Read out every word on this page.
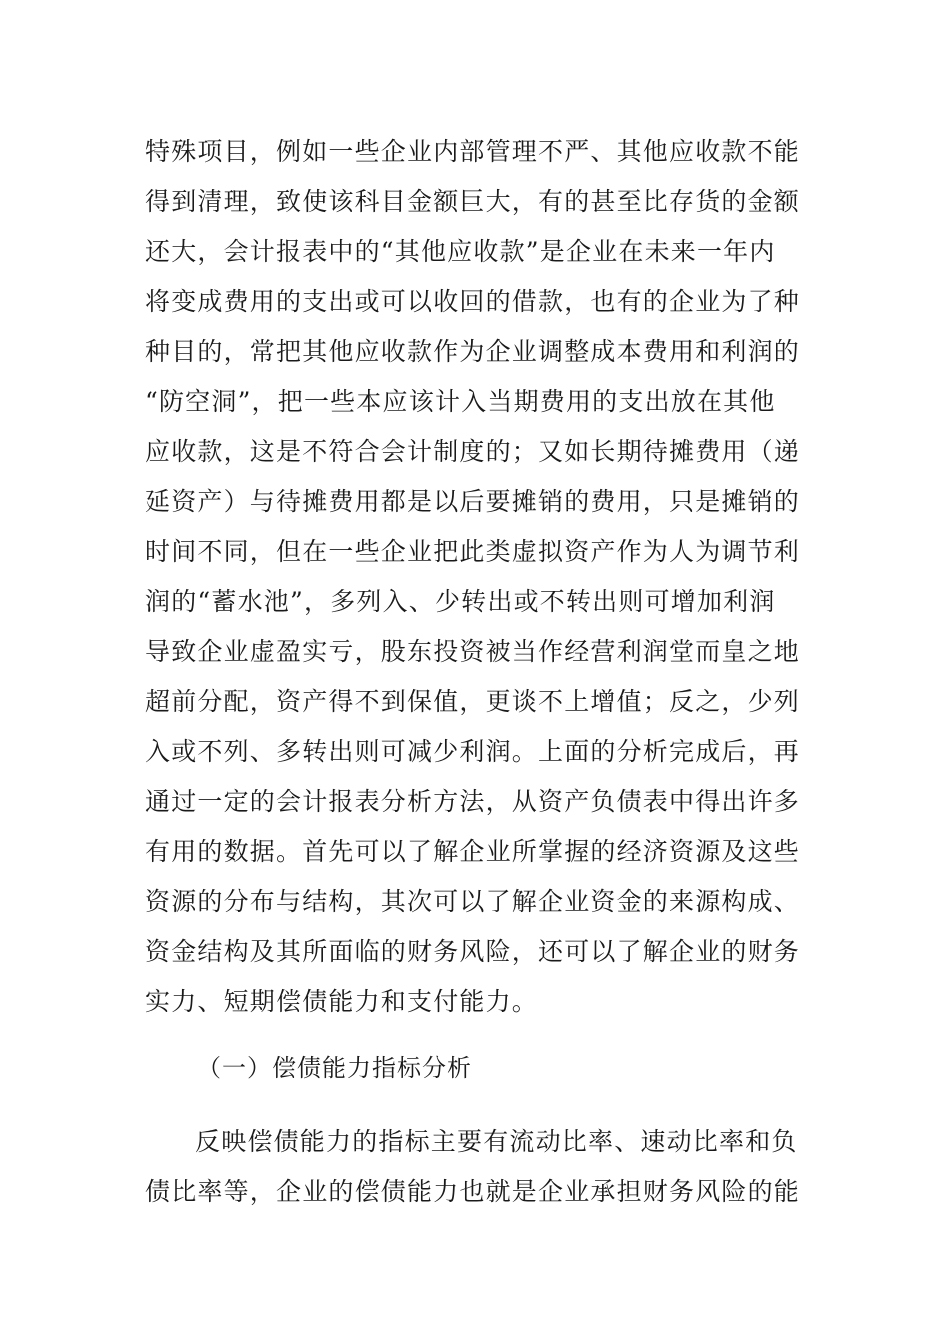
特殊项目，例如一些企业内部管理不严、其他应收款不能
得到清理，致使该科目金额巨大，有的甚至比存货的金额
还大，会计报表中的“其他应收款”是企业在未来一年内
将变成费用的支出或可以收回的借款，也有的企业为了种
种目的，常把其他应收款作为企业调整成本费用和利润的
“防空洞”，把一些本应该计入当期费用的支出放在其他
应收款，这是不符合会计制度的；又如长期待摊费用（递
延资产）与待摊费用都是以后要摊销的费用，只是摊销的
时间不同，但在一些企业把此类虚拟资产作为人为调节利
润的“蓄水池”，多列入、少转出或不转出则可增加利润
导致企业虚盈实亏，股东投资被当作经营利润堂而皇之地
超前分配，资产得不到保值，更谈不上增值；反之，少列
入或不列、多转出则可减少利润。上面的分析完成后，再
通过一定的会计报表分析方法，从资产负债表中得出许多
有用的数据。首先可以了解企业所掌握的经济资源及这些
资源的分布与结构，其次可以了解企业资金的来源构成、
资金结构及其所面临的财务风险，还可以了解企业的财务
实力、短期偿债能力和支付能力。
（一）偿债能力指标分析
反映偿债能力的指标主要有流动比率、速动比率和负
债比率等，企业的偿债能力也就是企业承担财务风险的能
